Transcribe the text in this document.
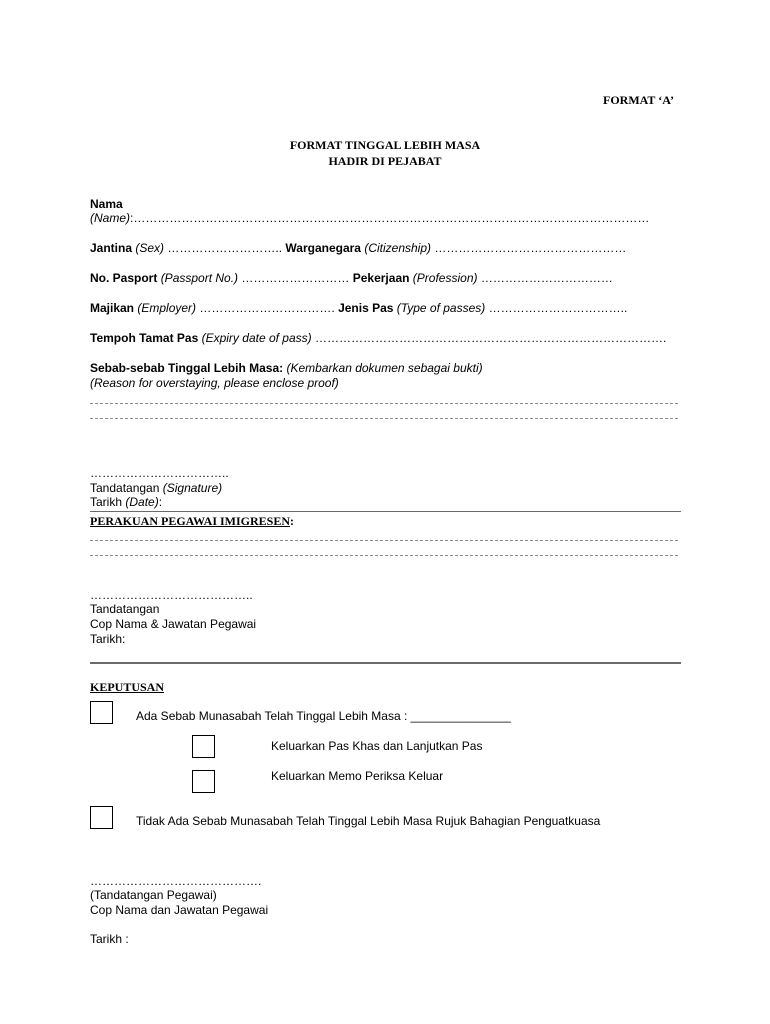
FORMAT ‘A’
FORMAT TINGGAL LEBIH MASA
HADIR DI PEJABAT
Nama
(Name):…………………………………………………………………………………………………………………
Jantina (Sex) ……………………….. Warganegara (Citizenship) …………………………………………
No. Pasport (Passport No.) ……………………… Pekerjaan (Profession) ……………………………
Majikan (Employer) ……………………………. Jenis Pas (Type of passes) ……………………………..
Tempoh Tamat Pas (Expiry date of pass) …………………………………………………………………………….
Sebab-sebab Tinggal Lebih Masa: (Kembarkan dokumen sebagai bukti)
(Reason for overstaying, please enclose proof)
……………………………..
Tandatangan (Signature)
Tarikh (Date):
PERAKUAN PEGAWAI IMIGRESEN:
…………………………………..
Tandatangan
Cop Nama & Jawatan Pegawai
Tarikh:
KEPUTUSAN
Ada Sebab Munasabah Telah Tinggal Lebih Masa : _______________
Keluarkan Pas Khas dan Lanjutkan Pas
Keluarkan Memo Periksa Keluar
Tidak Ada Sebab Munasabah Telah Tinggal Lebih Masa Rujuk Bahagian Penguatkuasa
…………………………………….
(Tandatangan Pegawai)
Cop Nama dan Jawatan Pegawai
Tarikh :
